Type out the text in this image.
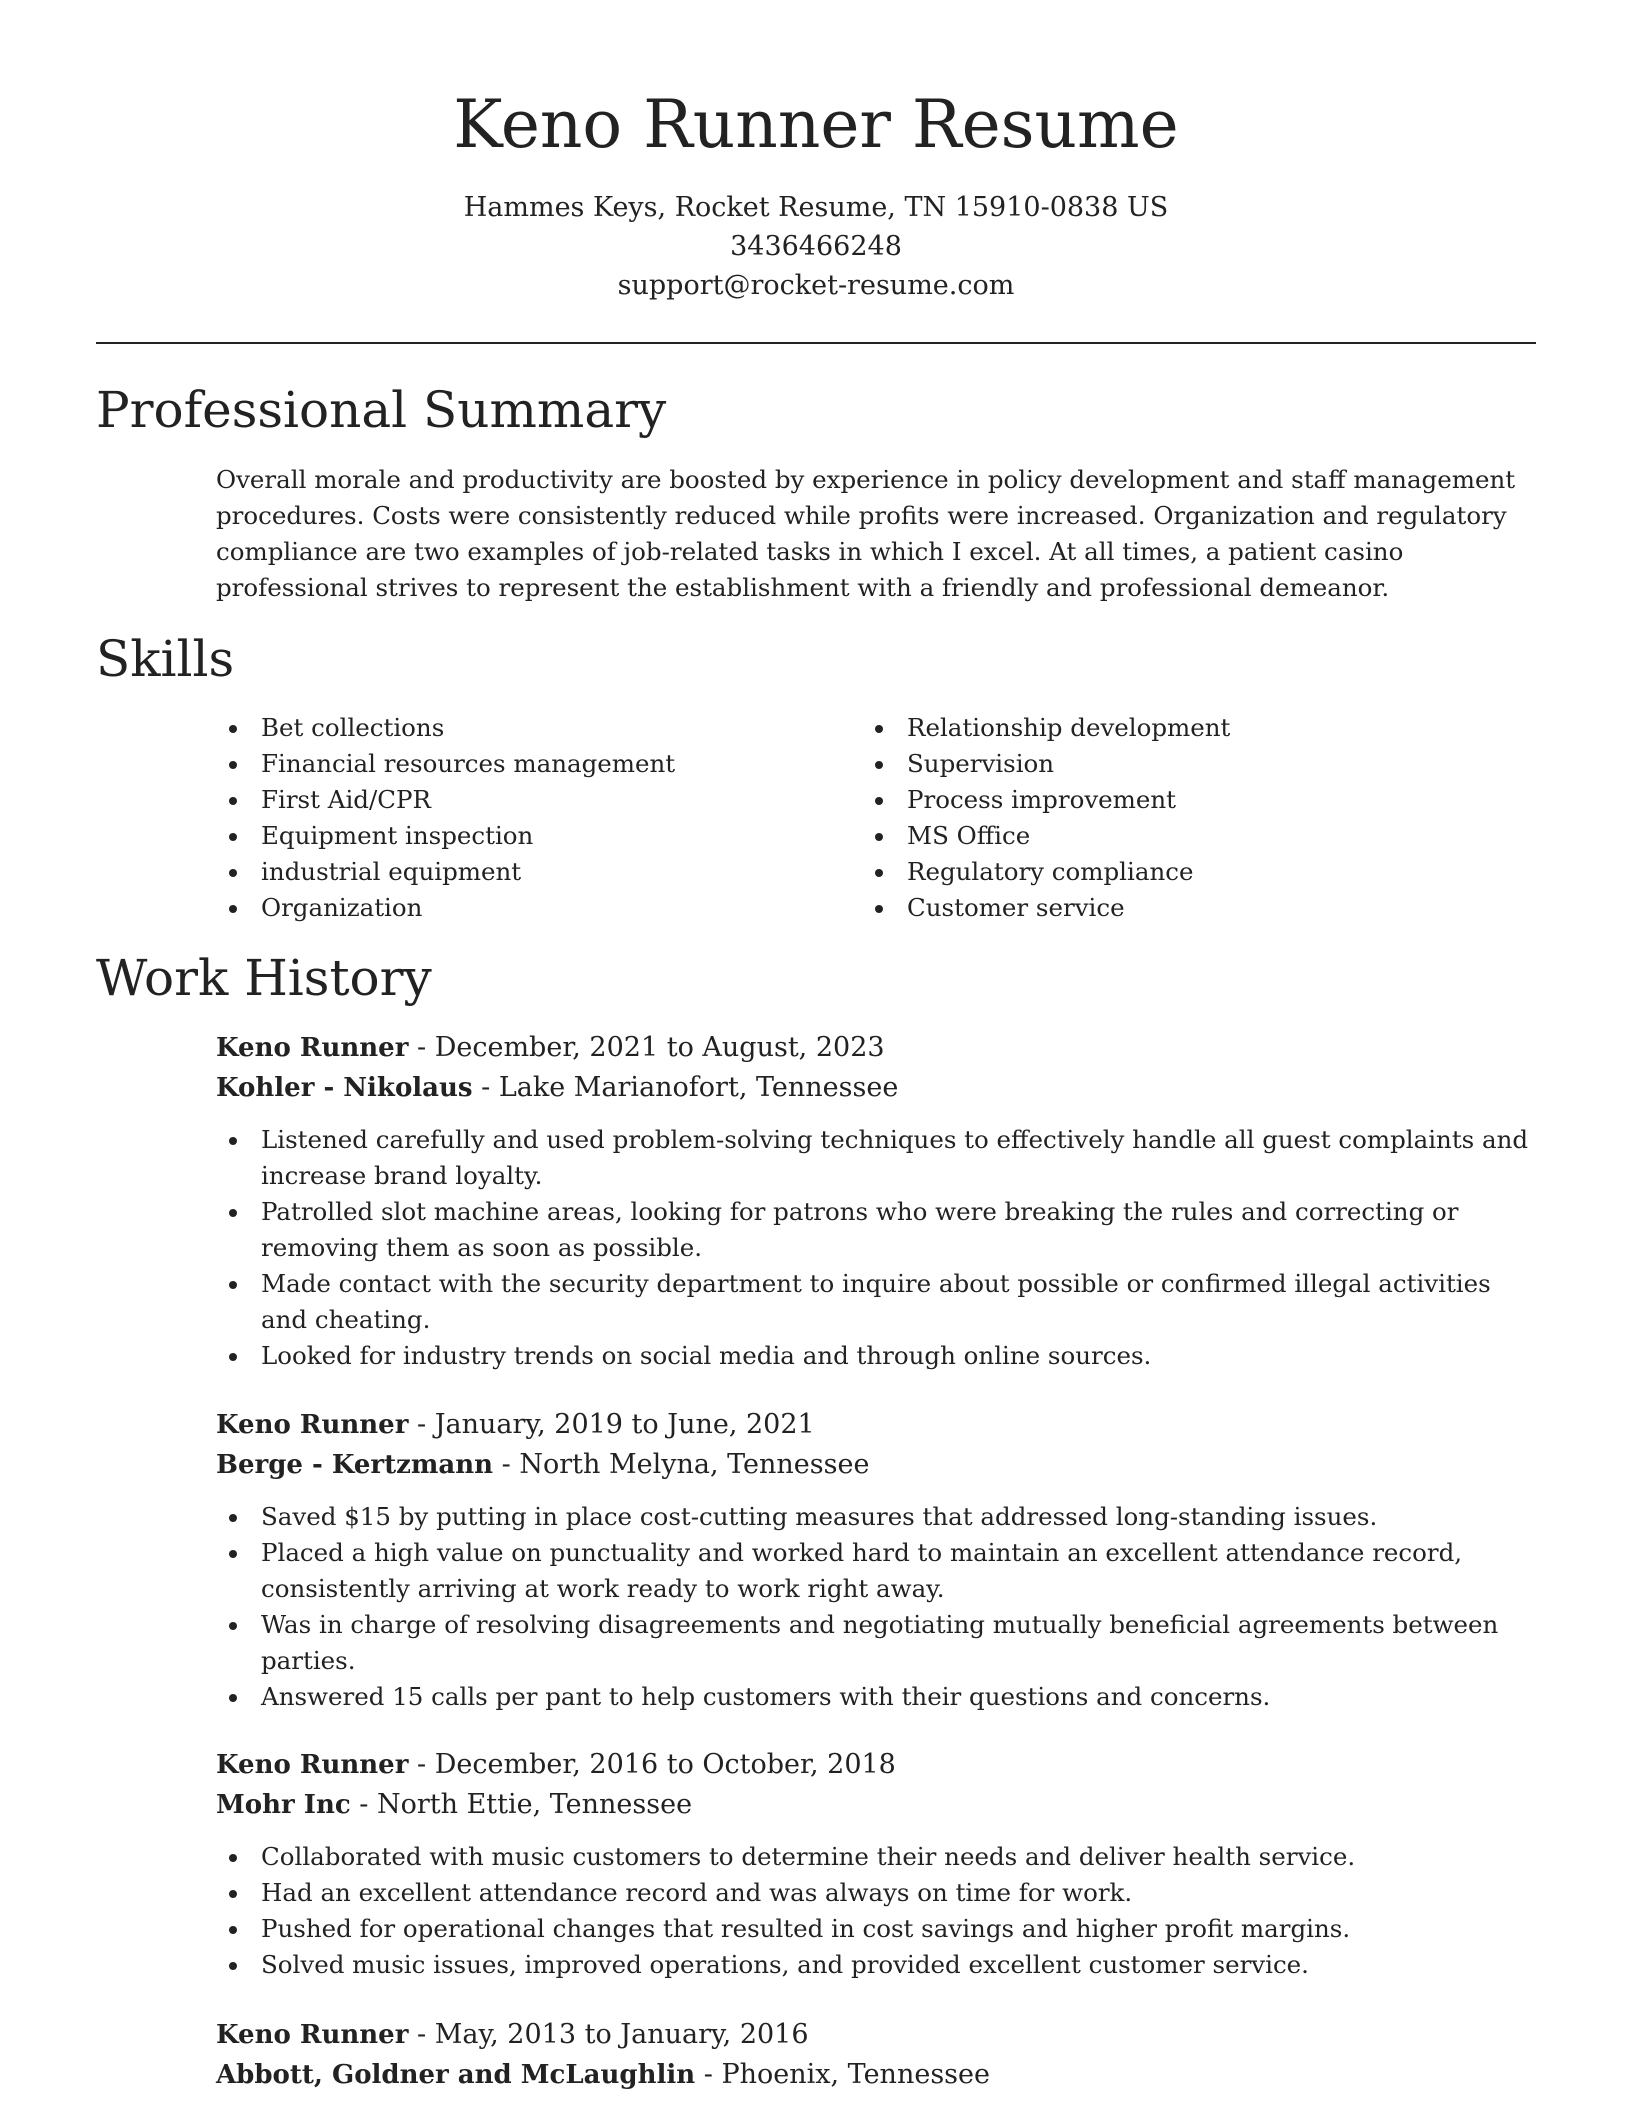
Keno Runner Resume
Hammes Keys, Rocket Resume, TN 15910-0838 US
3436466248
support@rocket-resume.com
Professional Summary

Overall morale and productivity are boosted by experience in policy development and staff management procedures. Costs were consistently reduced while profits were increased. Organization and regulatory compliance are two examples of job-related tasks in which I excel. At all times, a patient casino professional strives to represent the establishment with a friendly and professional demeanor.

Skills
Bet collections
Financial resources management
First Aid/CPR
Equipment inspection
industrial equipment
Organization
Relationship development
Supervision
Process improvement
MS Office
Regulatory compliance
Customer service
Work History
Keno Runner - December, 2021 to August, 2023
Kohler - Nikolaus - Lake Marianofort, Tennessee
Listened carefully and used problem-solving techniques to effectively handle all guest complaints and increase brand loyalty.
Patrolled slot machine areas, looking for patrons who were breaking the rules and correcting or removing them as soon as possible.
Made contact with the security department to inquire about possible or confirmed illegal activities and cheating.
Looked for industry trends on social media and through online sources.
Keno Runner - January, 2019 to June, 2021
Berge - Kertzmann - North Melyna, Tennessee
Saved $15 by putting in place cost-cutting measures that addressed long-standing issues.
Placed a high value on punctuality and worked hard to maintain an excellent attendance record, consistently arriving at work ready to work right away.
Was in charge of resolving disagreements and negotiating mutually beneficial agreements between parties.
Answered 15 calls per pant to help customers with their questions and concerns.
Keno Runner - December, 2016 to October, 2018
Mohr Inc - North Ettie, Tennessee
Collaborated with music customers to determine their needs and deliver health service.
Had an excellent attendance record and was always on time for work.
Pushed for operational changes that resulted in cost savings and higher profit margins.
Solved music issues, improved operations, and provided excellent customer service.
Keno Runner - May, 2013 to January, 2016
Abbott, Goldner and McLaughlin - Phoenix, Tennessee
